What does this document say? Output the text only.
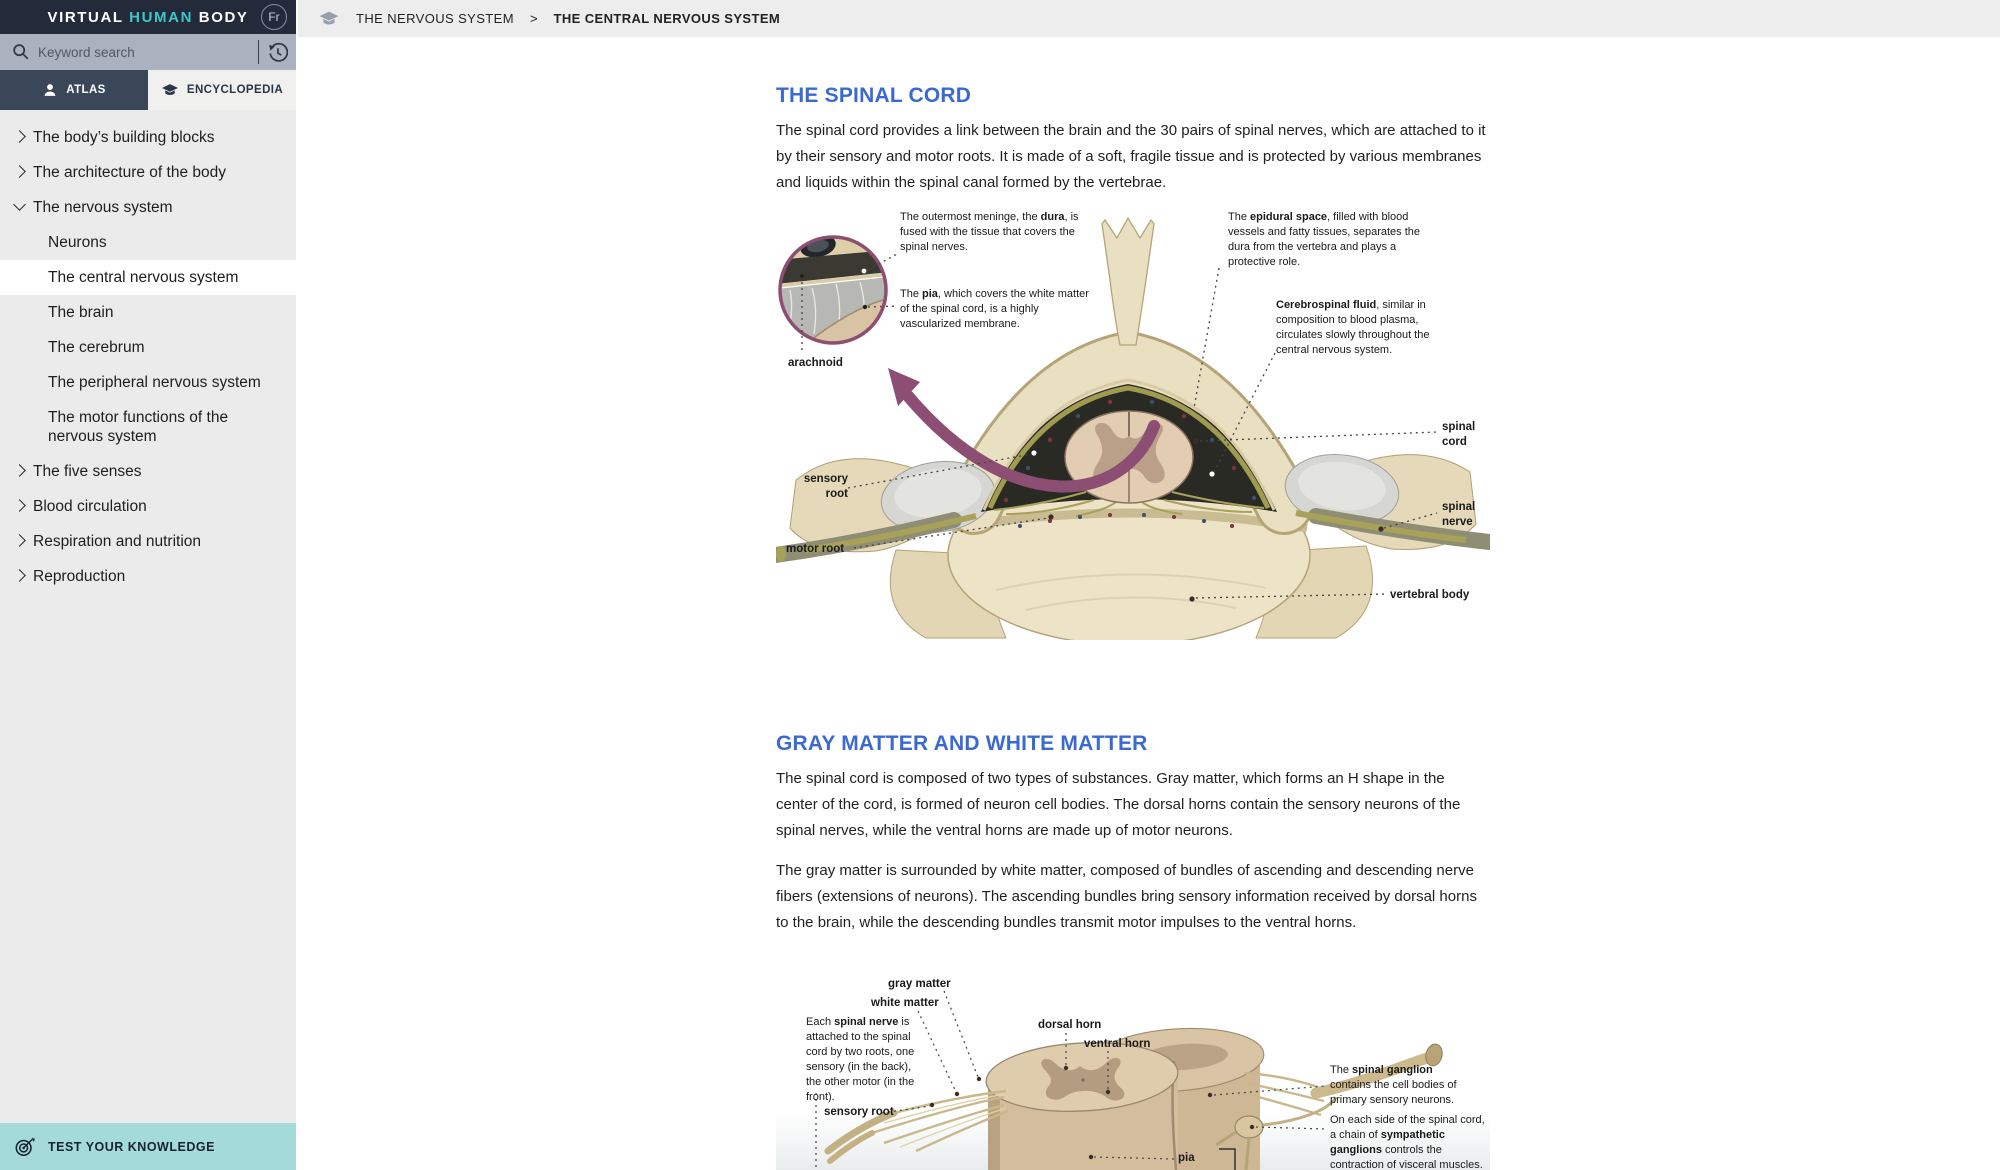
VIRTUAL HUMAN BODY	Fr
Keyword search
ATLAS	ENCYCLOPEDIA
The body’s building blocks
The architecture of the body
The nervous system
Neurons
The central nervous system
The brain
The cerebrum
The peripheral nervous system
The motor functions of the nervous system
The five senses
Blood circulation
Respiration and nutrition
Reproduction
TEST YOUR KNOWLEDGE
THE NERVOUS SYSTEM > THE CENTRAL NERVOUS SYSTEM
THE SPINAL CORD

The spinal cord provides a link between the brain and the 30 pairs of spinal nerves, which are attached to it by their sensory and motor roots. It is made of a soft, fragile tissue and is protected by various membranes and liquids within the spinal canal formed by the vertebrae.

The outermost meninge, the dura, is fused with the tissue that covers the spinal nerves.
The pia, which covers the white matter of the spinal cord, is a highly vascularized membrane.
arachnoid
The epidural space, filled with blood vessels and fatty tissues, separates the dura from the vertebra and plays a protective role.
Cerebrospinal fluid, similar in composition to blood plasma, circulates slowly throughout the central nervous system.
sensory root
motor root
spinal cord
spinal nerve
vertebral body
GRAY MATTER AND WHITE MATTER

The spinal cord is composed of two types of substances. Gray matter, which forms an H shape in the center of the cord, is formed of neuron cell bodies. The dorsal horns contain the sensory neurons of the spinal nerves, while the ventral horns are made up of motor neurons.

The gray matter is surrounded by white matter, composed of bundles of ascending and descending nerve fibers (extensions of neurons). The ascending bundles bring sensory information received by dorsal horns to the brain, while the descending bundles transmit motor impulses to the ventral horns.

gray matter
white matter
Each spinal nerve is attached to the spinal cord by two roots, one sensory (in the back), the other motor (in the front).
sensory root
dorsal horn
ventral horn
The spinal ganglion contains the cell bodies of primary sensory neurons.
On each side of the spinal cord, a chain of sympathetic ganglions controls the contraction of visceral muscles.
pia
